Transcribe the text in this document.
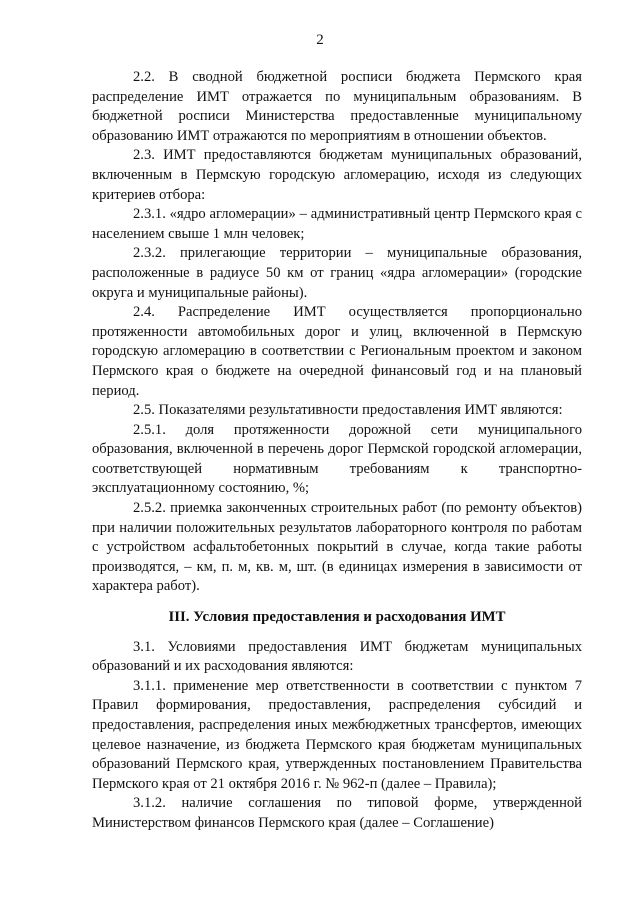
2

2.2. В сводной бюджетной росписи бюджета Пермского края распределение ИМТ отражается по муниципальным образованиям. В бюджетной росписи Министерства предоставленные муниципальному образованию ИМТ отражаются по мероприятиям в отношении объектов.

2.3. ИМТ предоставляются бюджетам муниципальных образований, включенным в Пермскую городскую агломерацию, исходя из следующих критериев отбора:

2.3.1. «ядро агломерации» – административный центр Пермского края с населением свыше 1 млн человек;

2.3.2. прилегающие территории – муниципальные образования, расположенные в радиусе 50 км от границ «ядра агломерации» (городские округа и муниципальные районы).

2.4. Распределение ИМТ осуществляется пропорционально протяженности автомобильных дорог и улиц, включенной в Пермскую городскую агломерацию в соответствии с Региональным проектом и законом Пермского края о бюджете на очередной финансовый год и на плановый период.

2.5. Показателями результативности предоставления ИМТ являются:

2.5.1. доля протяженности дорожной сети муниципального образования, включенной в перечень дорог Пермской городской агломерации, соответствующей нормативным требованиям к транспортно-эксплуатационному состоянию, %;

2.5.2. приемка законченных строительных работ (по ремонту объектов) при наличии положительных результатов лабораторного контроля по работам с устройством асфальтобетонных покрытий в случае, когда такие работы производятся, – км, п. м, кв. м, шт. (в единицах измерения в зависимости от характера работ).

III. Условия предоставления и расходования ИМТ

3.1. Условиями предоставления ИМТ бюджетам муниципальных образований и их расходования являются:

3.1.1. применение мер ответственности в соответствии с пунктом 7 Правил формирования, предоставления, распределения субсидий и предоставления, распределения иных межбюджетных трансфертов, имеющих целевое назначение, из бюджета Пермского края бюджетам муниципальных образований Пермского края, утвержденных постановлением Правительства Пермского края от 21 октября 2016 г. № 962-п (далее – Правила);

3.1.2. наличие соглашения по типовой форме, утвержденной Министерством финансов Пермского края (далее – Соглашение)
